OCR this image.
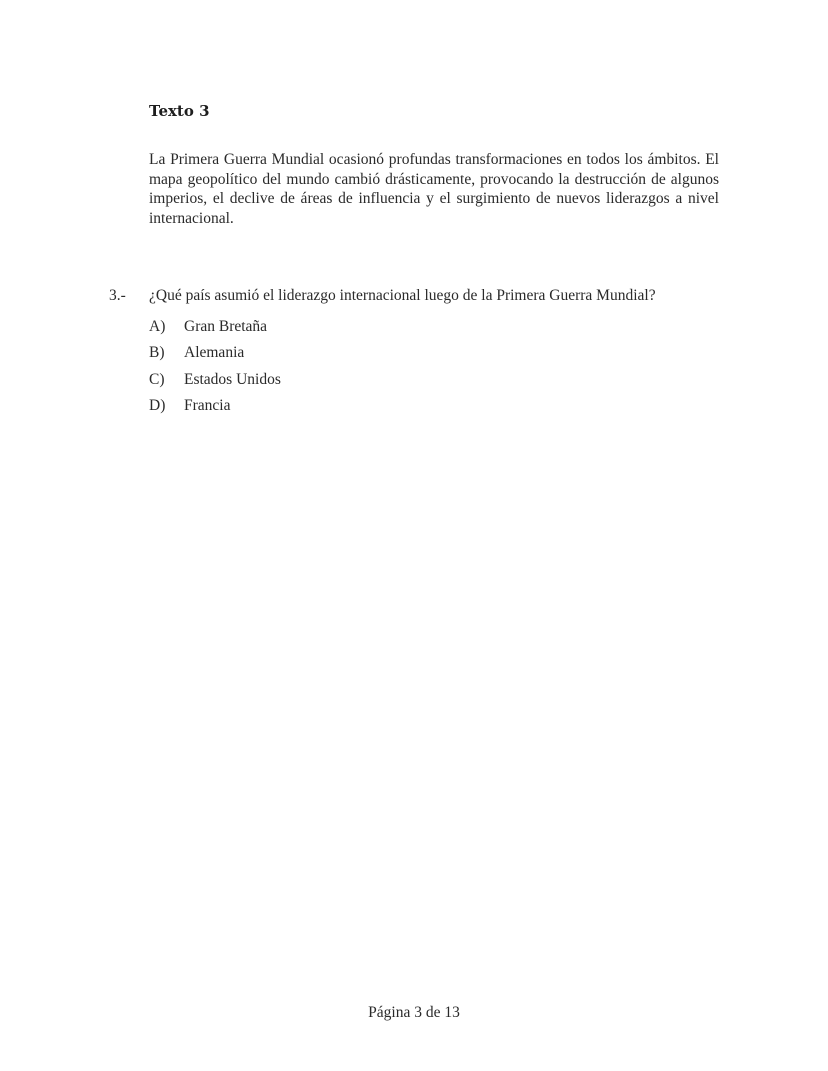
Texto 3

La Primera Guerra Mundial ocasionó profundas transformaciones en todos los ámbitos. El mapa geopolítico del mundo cambió drásticamente, provocando la destrucción de algunos imperios, el declive de áreas de influencia y el surgimiento de nuevos liderazgos a nivel internacional.

3.- ¿Qué país asumió el liderazgo internacional luego de la Primera Guerra Mundial?
A)	Gran Bretaña
B)	Alemania
C)	Estados Unidos
D)	Francia
Página 3 de 13
